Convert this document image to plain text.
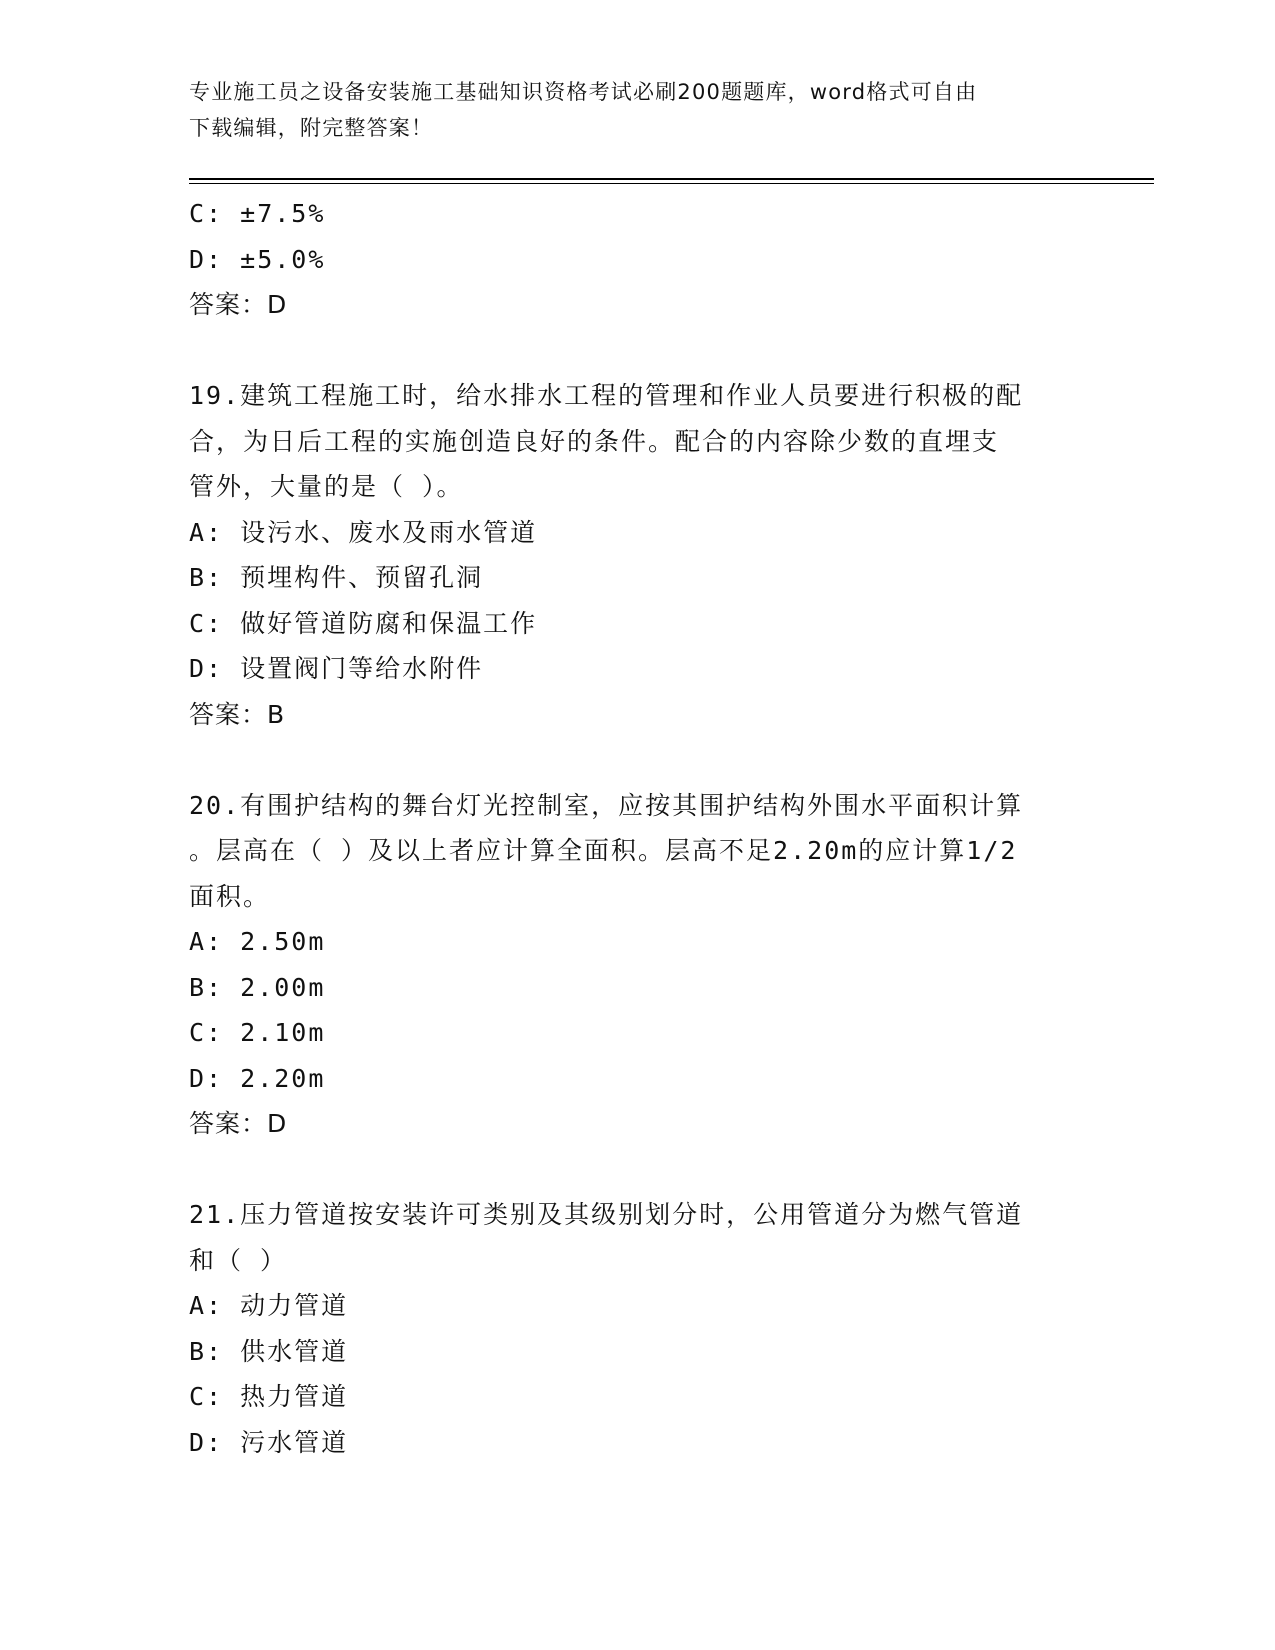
专业施工员之设备安装施工基础知识资格考试必刷200题题库，word格式可自由
下载编辑，附完整答案！
C: ±7.5%
D: ±5.0%
答案：D
19.建筑工程施工时，给水排水工程的管理和作业人员要进行积极的配
合，为日后工程的实施创造良好的条件。配合的内容除少数的直埋支
管外，大量的是（ ）。
A: 设污水、废水及雨水管道
B: 预埋构件、预留孔洞
C: 做好管道防腐和保温工作
D: 设置阀门等给水附件
答案：B
20.有围护结构的舞台灯光控制室，应按其围护结构外围水平面积计算
。层高在（ ）及以上者应计算全面积。层高不足2.20m的应计算1/2
面积。
A: 2.50m
B: 2.00m
C: 2.10m
D: 2.20m
答案：D
21.压力管道按安装许可类别及其级别划分时，公用管道分为燃气管道
和（ ）
A: 动力管道
B: 供水管道
C: 热力管道
D: 污水管道
